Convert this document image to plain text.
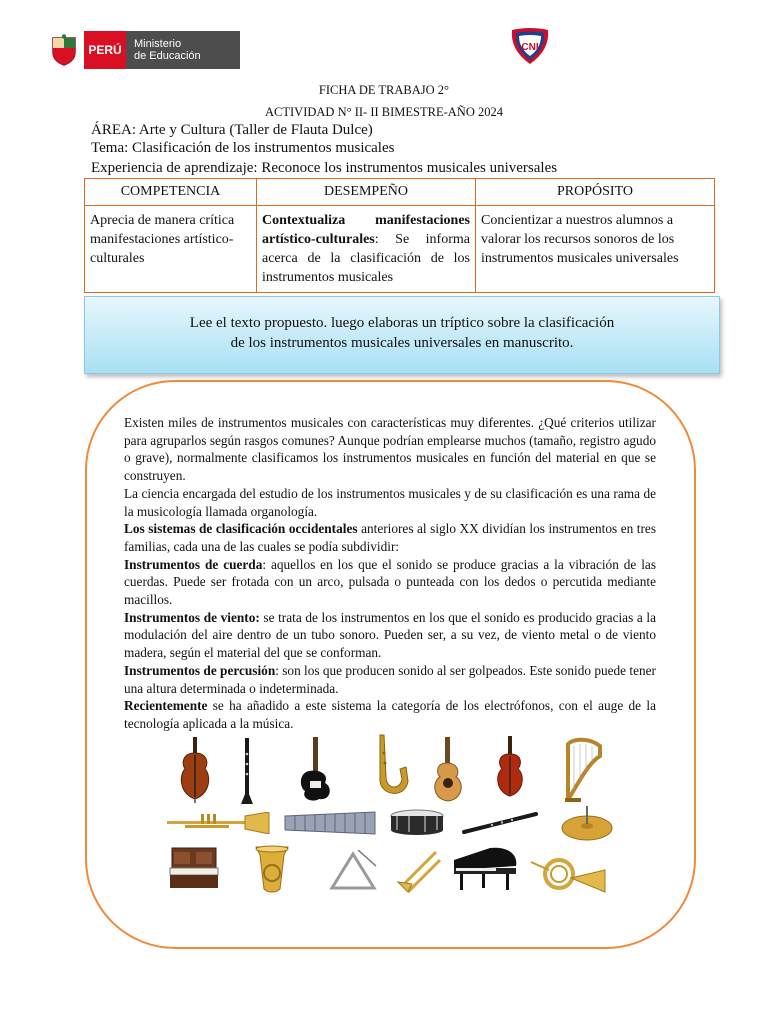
PERÚ	Ministerio
de Educación
CNI
FICHA DE TRABAJO 2°
ACTIVIDAD N° II- II BIMESTRE-AÑO 2024
ÁREA: Arte y Cultura (Taller de Flauta Dulce)
Tema: Clasificación de los instrumentos musicales
Experiencia de aprendizaje: Reconoce los instrumentos musicales universales
COMPETENCIA	DESEMPEÑO	PROPÓSITO
Aprecia de manera crítica manifestaciones artístico-culturales	Contextualiza manifestaciones artístico-culturales: Se informa acerca de la clasificación de los instrumentos musicales	Concientizar a nuestros alumnos a valorar los recursos sonoros de los instrumentos musicales universales
Lee el texto propuesto. luego elaboras un tríptico sobre la clasificación
de los instrumentos musicales universales en manuscrito.

Existen miles de instrumentos musicales con características muy diferentes. ¿Qué criterios utilizar para agruparlos según rasgos comunes? Aunque podrían emplearse muchos (tamaño, registro agudo o grave), normalmente clasificamos los instrumentos musicales en función del material en que se construyen.

La ciencia encargada del estudio de los instrumentos musicales y de su clasificación es una rama de la musicología llamada organología.

Los sistemas de clasificación occidentales anteriores al siglo XX dividían los instrumentos en tres familias, cada una de las cuales se podía subdividir:

Instrumentos de cuerda: aquellos en los que el sonido se produce gracias a la vibración de las cuerdas. Puede ser frotada con un arco, pulsada o punteada con los dedos o percutida mediante macillos.

Instrumentos de viento: se trata de los instrumentos en los que el sonido es producido gracias a la modulación del aire dentro de un tubo sonoro. Pueden ser, a su vez, de viento metal o de viento madera, según el material del que se conforman.

Instrumentos de percusión: son los que producen sonido al ser golpeados. Este sonido puede tener una altura determinada o indeterminada.

Recientemente se ha añadido a este sistema la categoría de los electrófonos, con el auge de la tecnología aplicada a la música.
